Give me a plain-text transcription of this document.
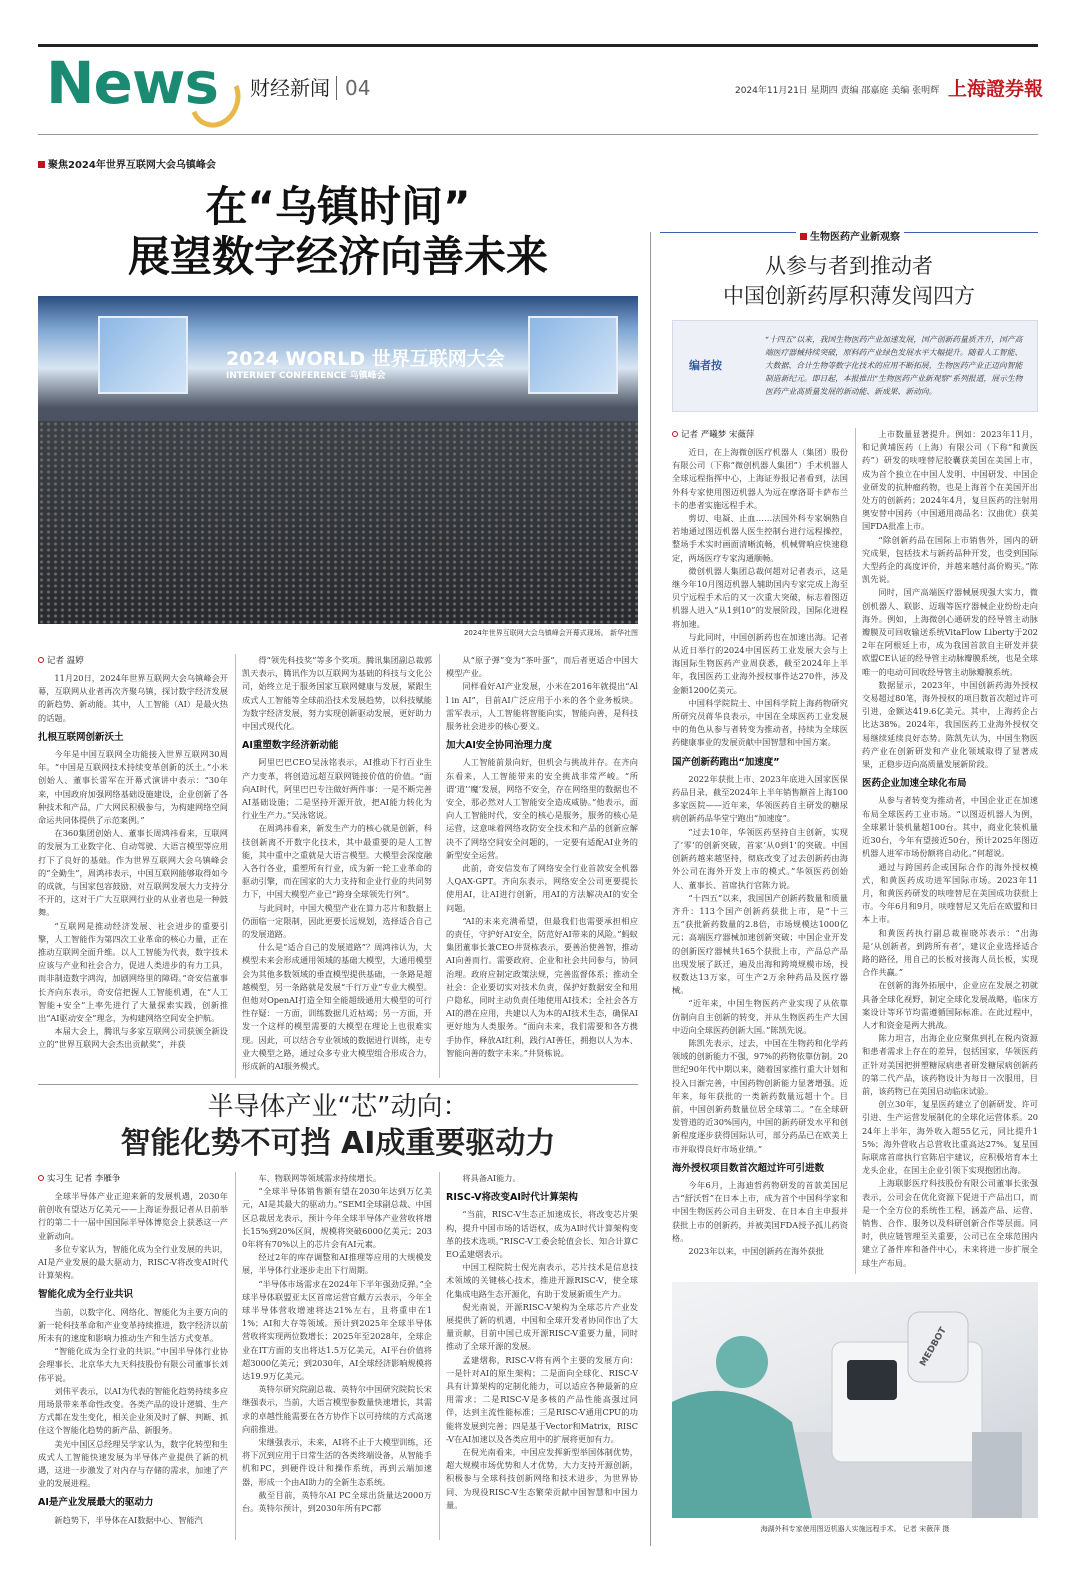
News 财经新闻 04	2024年11月21日 星期四 责编 邵嘉庭 美编 张明辉 上海證券報
聚焦2024年世界互联网大会乌镇峰会
在“乌镇时间”
展望数字经济向善未来
2024 WORLD 世界互联网大会
INTERNET CONFERENCE 乌镇峰会
2024年世界互联网大会乌镇峰会开幕式现场。 新华社图
记者 温婷

11月20日，2024年世界互联网大会乌镇峰会开幕，互联网从业者再次齐聚乌镇，探讨数字经济发展的新趋势、新动能。其中，人工智能（AI）是最火热的话题。

扎根互联网创新沃土

今年是中国互联网全功能接入世界互联网30周年。“中国是互联网技术持续变革创新的沃土。”小米创始人、董事长雷军在开幕式演讲中表示：“30年来，中国政府加强网络基础设施建设，企业创新了各种技术和产品，广大网民积极参与，为构建网络空间命运共同体提供了示范案例。”

在360集团创始人、董事长周鸿祎看来，互联网的发展为工业数字化、自动驾驶、大语言模型等应用打下了良好的基础。作为世界互联网大会乌镇峰会的“全勤生”，周鸿祎表示，中国互联网能够取得如今的成就，与国家包容鼓励、对互联网发展大力支持分不开的，这对于广大互联网行业的从业者也是一种鼓舞。

“互联网是推动经济发展、社会进步的重要引擎，人工智能作为第四次工业革命的核心力量，正在推动互联网全面升维。以人工智能为代表，数字技术应该与产业和社会合力，促进人类进步的有力工具，而非制造数字鸿沟，加剧网络里的障碍。”奇安信董事长齐向东表示，奇安信把握人工智能机遇，在“人工智能+安全”上率先进行了大量探索实践，创新推出“AI驱动安全”理念，为构建网络空间安全护航。

本届大会上，腾讯与多家互联网公司获颁全新设立的“世界互联网大会杰出贡献奖”，并获

得“领先科技奖”等多个奖项。腾讯集团副总裁郭凯天表示，腾讯作为以互联网为基础的科技与文化公司，始终立足于服务国家互联网健康与发展，紧跟生成式人工智能等全球前沿技术发展趋势，以科技赋能为数字经济发展，努力实现创新驱动发展，更好助力中国式现代化。

AI重塑数字经济新动能

阿里巴巴CEO吴泳铭表示，AI推动下行百业生产力变革，将创造远超互联网链接价值的价值。“面向AI时代，阿里巴巴专注做好两件事：一是不断完善AI基础设施；二是坚持开源开放，把AI能力转化为行业生产力。”吴泳铭说。

在周鸿祎看来，新发生产力的核心就是创新，科技创新离不开数字化技术，其中最重要的是人工智能，其中重中之重就是大语言模型。大模型会深度融入各行各业，重塑所有行业，成为新一轮工业革命的驱动引擎，而在国家的大力支持和企业行业的共同努力下，中国大模型产业已“跨身全球领先行列”。

与此同时，中国大模型产业在算力芯片和数据上仍面临一定限制，因此更要长远规划，选择适合自己的发展道路。

什么是“适合自己的发展道路”？周鸿祎认为，大模型未来会形成通用领域的基础大模型，大通用模型会为其他多数领域的垂直模型提供基础，一条路是超越模型，另一条路就是发展“千行万业”专业大模型。但他对OpenAI打造全知全能超级通用大模型的可行性存疑：一方面，训练数据几近枯竭；另一方面，开发一个这样的模型需要的大模型在理论上也很难实现。因此，可以结合专业领域的数据进行训练，走专业大模型之路，通过众多专业大模型组合形成合力，形成新的AI服务模式。

从“原子弹”变为“茶叶蛋”，而后者更适合中国大模型产业。

同样看好AI产业发展，小米在2016年就提出“All in AI”，目前AI广泛应用于小米的各个业务板块。雷军表示，人工智能将智能向实，智能向善，是科技服务社会进步的核心要义。

加大AI安全协同治理力度

人工智能前景向好，但机会与挑战并存。在齐向东看来，人工智能带来的安全挑战非常严峻。“所谓‘道’‘魔’发展，网络不安全，存在网络里的数据也不安全，那必然对人工智能安全造成威胁。”他表示，面向人工智能时代，安全的核心是服务，服务的核心是运营，这意味着网络攻防安全技术和产品的创新应解决不了网络空间安全问题的，一定要有适配AI业务的新型安全运营。

此前，奇安信发布了网络安全行业首款安全机器人QAX-GPT。齐向东表示，网络安全公司更要提长使用AI，让AI进行创新，用AI的方法解决AI的安全问题。

“AI的未来充满希望，但最我们也需要承担相应的责任，守护好AI安全，防范好AI带来的风险。”蚂蚁集团董事长兼CEO井贤栋表示，要善治使善智，推动AI向善而行。需要政府、企业和社会共同参与，协同治理。政府应制定政策法规，完善监督体系；推动全社会：企业要切实对技术负责，保护好数据安全和用户隐私，同时主动负责任地使用AI技术；全社会各方AI的潜在应用，共建以人为本的AI技术生态，确保AI更好地为人类服务。“面向未来，我们需要和各方携手协作，释放AI红利，践行AI善任，拥抱以人为本、智能向善的数字未来。”井贤栋说。

半导体产业“芯”动向：
智能化势不可挡 AI成重要驱动力
实习生 记者 李雁争

全球半导体产业正迎来新的发展机遇，2030年前创收有望达万亿美元——上海证券报记者从日前举行的第二十一届中国国际半导体博览会上获悉这一产业新动向。

多位专家认为，智能化成为全行业发展的共识，AI是产业发展的最大驱动力，RISC-V将改变AI时代计算架构。

智能化成为全行业共识

当前，以数字化、网络化、智能化为主要方向的新一轮科技革命和产业变革持续推进，数字经济以前所未有的速度和影响力推动生产和生活方式变革。

“智能化成为全行业的共识。”中国半导体行业协会理事长、北京华大九天科技股份有限公司董事长刘伟平说。

刘伟平表示，以AI为代表的智能化趋势持续多应用场景带来革命性改变。各类产品的设计逻辑、生产方式都在发生变化，相关企业须及时了解、判断、抓住这个智能化趋势的新产品、新服务。

美光中国区总经理吴学家认为，数字化转型和生成式人工智能快速发展为半导体产业提供了新的机遇，这进一步激发了对内存与存储的需求，加速了产业的发展进程。

AI是产业发展最大的驱动力

新趋势下，半导体在AI数据中心、智能汽

车、物联网等领域需求持续增长。

“全球半导体销售额有望在2030年达到万亿美元，AI是其最大的驱动力。”SEMI全球副总裁、中国区总裁居龙表示，预计今年全球半导体产业营收将增长15%到20%区间，规模将突破6000亿美元；2030年将有70%以上的芯片会有AI元素。

经过2年的库存调整和AI推理等应用的大规模发展，半导体行业逐步走出下行周期。

“半导体市场需求在2024年下半年强劲反弹。”全球半导体联盟亚太区首席运营官戴方云表示，今年全球半导体营收增速将达21%左右，且将重申在11%；AI和大存等领域。预计到2025年全球半导体营收将实现两位数增长；2025年至2028年，全球企业在IT方面的支出将达1.5万亿美元，AI平台价值将超3000亿美元；到2030年，AI全球经济影响规模将达19.9万亿美元。

英特尔研究院副总裁、英特尔中国研究院院长宋继强表示，当前，大语言模型参数量快速增长，其需求的卓越性能需要在各方协作下以可持续的方式高速向前推进。

宋继强表示，未来，AI将不止于大模型训练，还将下沉到应用于日常生活的各类终端设备，从智能手机和PC，到硬件设计和操作系统，再到云端加速器，形成一个由AI助力的全新生态系统。

截至目前，英特尔AI PC全球出货量达2000万台。英特尔预计，到2030年所有PC都

将具备AI能力。

RISC-V将改变AI时代计算架构

“当前，RISC-V生态正加速成长，将改变芯片架构，提升中国市场的话语权，成为AI时代计算架构变革的技术选项。”RISC-V工委会轮值会长、知合计算CEO孟建熠表示。

中国工程院院士倪光南表示，芯片技术是信息技术领域的关键核心技术，推进开源RISC-V，使全球化集成电路生态开源化，有助于发展新质生产力。

倪光南说，开源RISC-V架构为全球芯片产业发展提供了新的机遇，中国和全球开发者协同作出了大量贡献，目前中国已成开源RISC-V重要力量，同时推动了全球开源的发展。

孟建熠称，RISC-V将有两个主要的发展方向：一是针对AI的原生架构；二是面向全球化、RISC-V具有计算架构的定制化能力，可以适应各种最新的应用需求；二是RISC-V是多核的产品性能高强过同伴，达到主流性能标准；三是RISC-V通用CPU的功能将发展到完善；四是基于Vector和Matrix，RISC-V在AI加速以及各类应用中的扩展将更加有力。

在倪光南看来，中国应发挥新型举国体制优势，超大规模市场优势和人才优势，大力支持开源创新，积极参与全球科技创新网络和技术进步，为世界协同、为现役RISC-V生态繁荣贡献中国智慧和中国力量。

生物医药产业新观察
从参与者到推动者
中国创新药厚积薄发闯四方
编者按
“十四五”以来，我国生物医药产业加速发展，国产创新药量质齐升，国产高端医疗器械持续突破，原料药产业绿色发展水平大幅提升。随着人工智能、大数据、合计生物等数字化技术的应用不断拓展，生物医药产业正迈向智能制造新纪元。即日起，本报推出“生物医药产业新观察”系列报道，展示生物医药产业高质量发展的新动能、新成果、新动向。
记者 严曦梦 宋薇萍

近日，在上海微创医疗机器人（集团）股份有限公司（下称“微创机器人集团”）手术机器人全球远程指挥中心，上海证券报记者看到，法国外科专家使用图迈机器人为远在摩洛哥卡萨布兰卡的患者实施远程手术。

剪切、电凝、止血……法国外科专家娴熟自若地通过图迈机器人医生控制台进行远程操控，整场手术实时画面清晰流畅，机械臂响应快速稳定，两场医疗专家沟通顺畅。

微创机器人集团总裁何超对记者表示，这是继今年10月图迈机器人辅助国内专家完成上海至贝宁远程手术后的又一次重大突破，标志着图迈机器人进入“从1到10”的发展阶段，国际化进程将加速。

与此同时，中国创新药也在加速出海。记者从近日举行的2024中国医药工业发展大会与上海国际生物医药产业周获悉，截至2024年上半年，我国医药工业海外授权事件达270件，涉及金额1200亿美元。

中国科学院院士、中国科学院上海药物研究所研究员蒋华良表示，中国在全球医药工业发展中的角色从参与者转变为推动者，持续为全球医药健康事业的发展贡献中国智慧和中国方案。

国产创新药跑出“加速度”

2022年获批上市、2023年底进入国家医保药品目录，截至2024年上半年销售额首上海100多家医院——近年来，华领医药自主研发的糖尿病创新药品华堂宁跑出“加速度”。

“过去10年，华领医药坚持自主创新，实现了‘零’的创新突破，首家‘从0到1’的突破。中国创新药越来越坚持，彻底改变了过去创新药由海外公司在海外开发上市的模式。”华领医药创始人、董事长、首席执行官陈力说。

“十四五”以来，我国国产创新药数量和质量齐升：113个国产创新药获批上市，是“十三五”获批新药数量的2.8倍，市场规模达1000亿元；高端医疗器械加速创新突破；中国企业开发的创新医疗器械共165个获批上市，产品总产品出现发展了跃迁，遍及出海和跨境规模市场，授权数达13万家，可生产2万余种药品及医疗器械。

“近年来，中国生物医药产业实现了从依靠仿制向自主创新的转变，并从生物医药生产大国中迈向全球医药创新大国。”陈凯先说。

陈凯先表示，过去，中国在生物药和化学药领域的创新能力不强，97%的药物依靠仿制。20世纪90年代中期以来，随着国家推行重大计划和投入日渐完善，中国药物创新能力显著增强。近年来，每年获批的一类新药数量远超十个。目前，中国创新药数量位居全球第二。“在全球研发管道的近30%国内，中国的新药研发水平和创新程度逐步获得国际认可，部分药品已在欧美上市并取得良好市场业绩。”

海外授权项目数首次超过许可引进数

今年6月，上海迪哲药物研发的首款美国尼古“舒沃哲”在日本上市，成为首个中国科学家和中国生物医药公司自主研发、在日本自主申报并获批上市的创新药，并被美国FDA授予孤儿药资格。

2023年以来，中国创新药在海外获批

上市数量显著提升。例如：2023年11月，和记黄埔医药（上海）有限公司（下称“和黄医药”）研发的呋喹替尼胶囊获美国在美国上市，成为首个独立在中国人发明、中国研发、中国企业研发的抗肿瘤药物，也是上海首个在美国开出处方的创新药；2024年4月，复旦医药的注射用奥安替中国药（中国通用商品名：汉曲优）获美国FDA批准上市。

“除创新药品在国际上市销售外，国内的研究成果，包括技术与新药品种开发，也受到国际大型药企的高度评价，并越来越付高价购买。”陈凯先说。

同时，国产高端医疗器械展现强大实力，微创机器人、联影、迈瑞等医疗器械企业纷纷走向海外。例如，上海微创心通研发的经导管主动脉瓣膜及可回收输送系统VitaFlow Liberty于2022年在阿根廷上市，成为我国首款自主研发并获欧盟CE认证的经导管主动脉瓣膜系统，也是全球唯一的电动可回收经导管主动脉瓣膜系统。

数据显示，2023年，中国创新药海外授权交易超过80笔，海外授权的项目数首次超过许可引进，金额达419.6亿美元。其中，上海药企占比达38%。2024年，我国医药工业海外授权交易继续延续良好态势。陈凯先认为，中国生物医药产业在创新研发和产业化领域取得了显著成果，正稳步迈向高质量发展新阶段。

医药企业加速全球化布局

从参与者转变为推动者，中国企业正在加速布局全球医药工业市场。“以图迈机器人为例，全球累计装机量超100台。其中，商业化装机量近30台，今年有望接近50台，预计2025年图迈机器人进军市场份额将自动化。”何超说。

通过与跨国药企或国际合作的海外授权模式，和黄医药成功进军国际市场。2023年11月，和黄医药研发的呋喹替尼在美国成功获批上市。今年6月和9月，呋喹替尼又先后在欧盟和日本上市。

和黄医药执行副总裁崔晓苏表示：“出海是‘从创新者，到跨所有者’，建议企业选择适合路的路径，用自己的长板对接海人员长板，实现合作共赢。”

在创新的海外拓展中，企业应在发展之初就具备全球化视野，制定全球化发展战略，临床方案设计等环节均需遵循国际标准。在此过程中，人才和资金是两大挑战。

陈力坦言，出海企业应聚焦到扎在税内资源和患者需求上存在的差异，包括国家，华领医药正针对美国把拼塑糖尿病患者研发糖尿病创新药的第二代产品，该药物设计为每日一次服用，目前，该药物已在美国启动临床试验。

创立30年，复星医药建立了创新研发、许可引进、生产运营发展制化的全球化运营体系。2024年上半年，海外收入超55亿元，同比提升15%；海外营收占总营收比重高达27%。复星国际联席首席执行官陈启宇建议，应积极培育本土龙头企业，在国主企业引领下实现抱团出海。

上海联影医疗科技股份有限公司董事长张强表示，公司会在优化资源下促进于产品出口，而是一个全方位的系统性工程，涵盖产品、运营、销售、合作、服务以及科研创新合作等层面。同时，供应链管理至关重要，公司已在全球范围内建立了备件库和备件中心，未来将进一步扩展全球生产布局。

MEDBOT
海湖外科专家使用图迈机器人实施远程手术。 记者 宋薇萍 摄
